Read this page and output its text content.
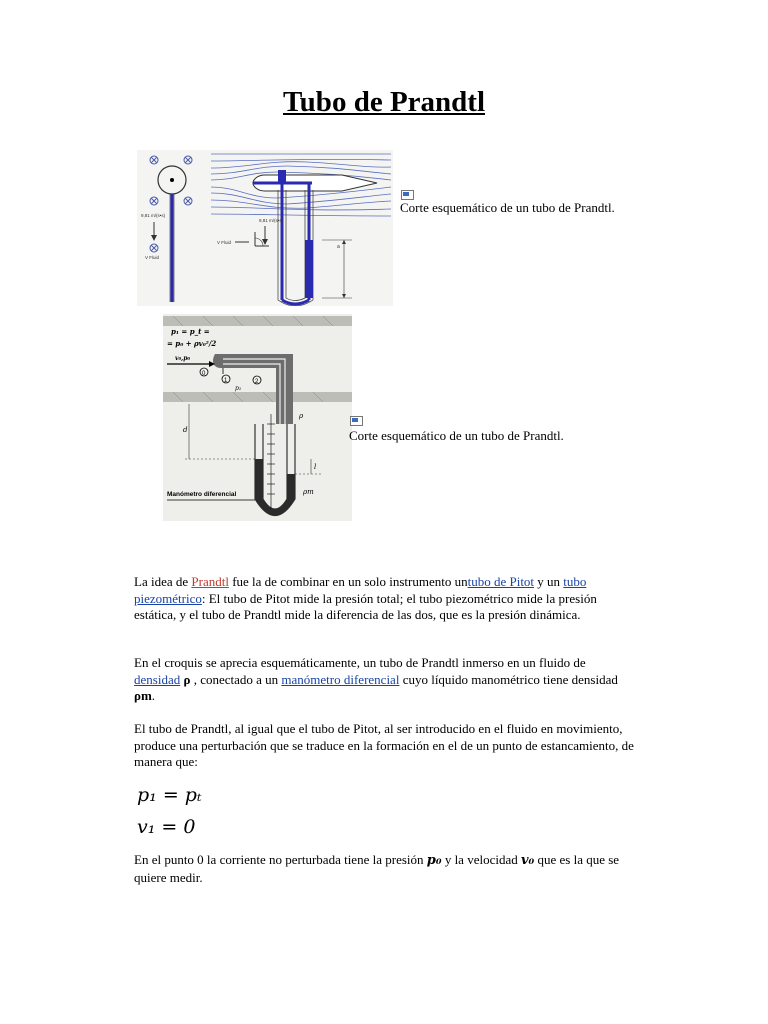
Tubo de Prandtl
9,81 m/(s•s)
V Fluid
9,81 m/(s•s)
V Fluid
a
Corte esquemático de un tubo de Prandtl.
1	2
p₁
p₁ = p_t =
= p₀ + ρv₀²/2
v₀,p₀
0
d
l
ρ
ρm
Manómetro diferencial
Corte esquemático de un tubo de Prandtl.

La idea de Prandtl fue la de combinar en un solo instrumento untubo de Pitot y un tubo piezométrico: El tubo de Pitot mide la presión total; el tubo piezométrico mide la presión estática, y el tubo de Prandtl mide la diferencia de las dos, que es la presión dinámica.

En el croquis se aprecia esquemáticamente, un tubo de Prandtl inmerso en un fluido de densidad ρ , conectado a un manómetro diferencial cuyo líquido manométrico tiene densidad ρm.

El tubo de Prandtl, al igual que el tubo de Pitot, al ser introducido en el fluido en movimiento, produce una perturbación que se traduce en la formación en el de un punto de estancamiento, de manera que:

p₁ = pₜ
v₁ = 0

En el punto 0 la corriente no perturbada tiene la presión p₀ y la velocidad v₀ que es la que se quiere medir.
